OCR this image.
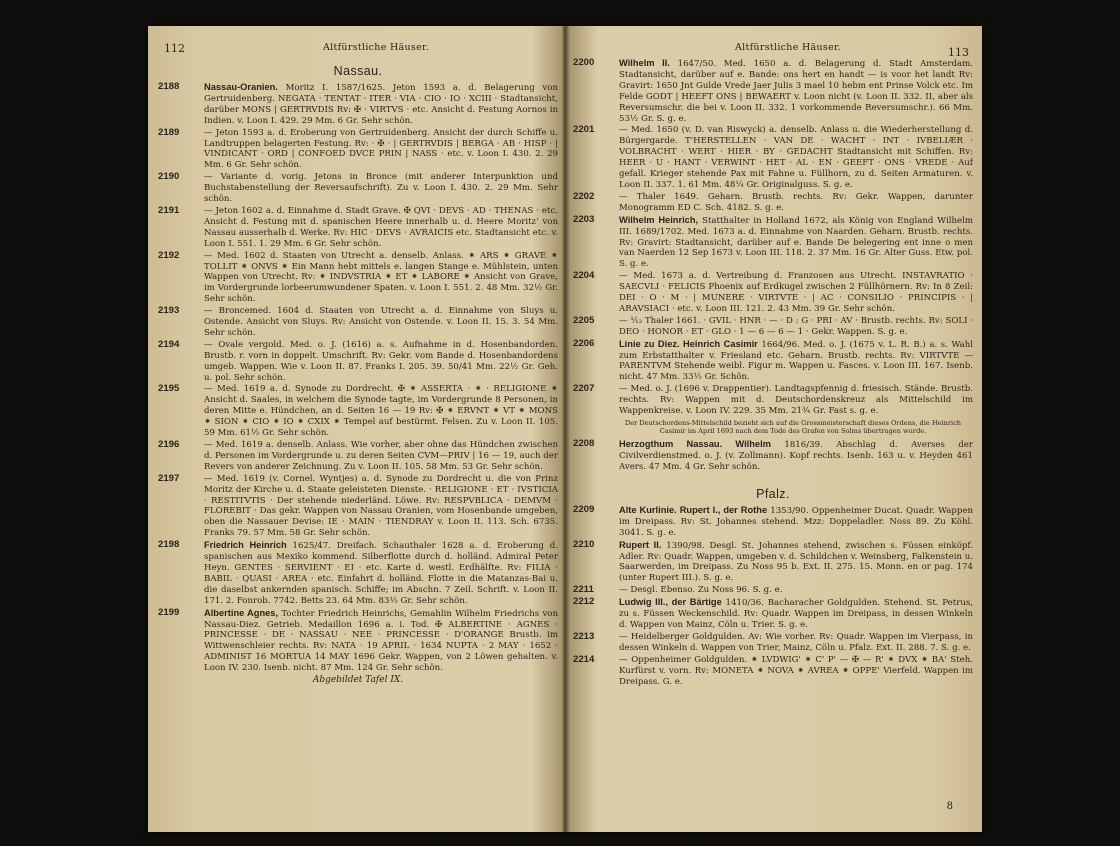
112	Altfürstliche Häuser.
Nassau.
2188	Nassau-Oranien. Moritz I. 1587/1625. Jeton 1593 a. d. Belagerung von Gertruidenberg. NEGATA · TENTAT · ITER · VIA · CIO · IO · XCIII · Stadtansicht, darüber MONS | GERTRVDIS Rv: ✠ · VIRTVS · etc. Ansicht d. Festung Aornos in Indien. v. Loon I. 429. 29 Mm. 6 Gr. Sehr schön.
2189	— Jeton 1593 a. d. Eroberung von Gertruidenberg. Ansicht der durch Schiffe u. Landtruppen belagerten Festung. Rv: · ✠ · | GERTRVDIS | BERGA · AB · HISP · | VINDICANT · ORD | CONFOED DVCE PRIN | NASS · etc. v. Loon I. 430. 2. 29 Mm. 6 Gr. Sehr schön.
2190	— Variante d. vorig. Jetons in Bronce (mit anderer Interpunktion und Buchstabenstellung der Reversaufschrift). Zu v. Loon I. 430. 2. 29 Mm. Sehr schön.
2191	— Jeton 1602 a. d. Einnahme d. Stadt Grave. ✠ QVI · DEVS · AD · THENAS · etc. Ansicht d. Festung mit d. spanischen Heere innerhalb u. d. Heere Moritz' von Nassau ausserhalb d. Werke. Rv: HIC · DEVS · AVRAICIS etc. Stadtansicht etc. v. Loon I. 551. 1. 29 Mm. 6 Gr. Sehr schön.
2192	— Med. 1602 d. Staaten von Utrecht a. denselb. Anlass. ⁕ ARS ⁕ GRAVE ⁕ TOLLIT ⁕ ONVS ⁕ Ein Mann hebt mittels e. langen Stange e. Mühlstein, unten Wappen von Utrecht. Rv: ⁕ INDVSTRIA ⁕ ET ⁕ LABORE ⁕ Ansicht von Grave, im Vordergrunde lorbeerumwundener Spaten. v. Loon I. 551. 2. 48 Mm. 32½ Gr. Sehr schön.
2193	— Broncemed. 1604 d. Staaten von Utrecht a. d. Einnahme von Sluys u. Ostende. Ansicht von Sluys. Rv: Ansicht von Ostende. v. Loon II. 15. 3. 54 Mm. Sehr schön.
2194	— Ovale vergold. Med. o. J. (1616) a. s. Aufnahme in d. Hosenbandorden. Brustb. r. vorn in doppelt. Umschrift. Rv: Gekr. vom Bande d. Hosenbandordens umgeb. Wappen. Wie v. Loon II. 87. Franks I. 205. 39. 50/41 Mm. 22½ Gr. Geh. u. pol. Sehr schön.
2195	— Med. 1619 a. d. Synode zu Dordrecht. ✠ ⁕ ASSERTA · ⁕ · RELIGIONE ⁕ Ansicht d. Saales, in welchem die Synode tagte, im Vordergrunde 8 Personen, in deren Mitte e. Hündchen, an d. Seiten 16 — 19 Rv: ✠ ⁕ ERVNT ⁕ VT ⁕ MONS ⁕ SION ⁕ CIO ⁕ IO ⁕ CXIX ⁕ Tempel auf bestürmt. Felsen. Zu v. Loon II. 105. 59 Mm. 61½ Gr. Sehr schön.
2196	— Med. 1619 a. denselb. Anlass. Wie vorher, aber ohne das Hündchen zwischen d. Personen im Vordergrunde u. zu deren Seiten CVM—PRIV | 16 — 19, auch der Revers von anderer Zeichnung. Zu v. Loon II. 105. 58 Mm. 53 Gr. Sehr schön.
2197	— Med. 1619 (v. Cornel. Wyntjes) a. d. Synode zu Dordrecht u. die von Prinz Moritz der Kirche u. d. Staate geleisteten Dienste. · RELIGIONE · ET · IVSTICIA · RESTITVTIS · Der stehende niederländ. Löwe. Rv: RESPVBLICA · DEMVM · FLOREBIT · Das gekr. Wappen von Nassau Oranien, vom Hosenbande umgeben, oben die Nassauer Devise: IE · MAIN · TIENDRAY v. Loon II. 113. Sch. 6735. Franks 79. 57 Mm. 58 Gr. Sehr schön.
2198	Friedrich Heinrich 1625/47. Dreifach. Schauthaler 1628 a. d. Eroberung d. spanischen aus Mexiko kommend. Silberflotte durch d. holländ. Admiral Peter Heyn. GENTES · SERVIENT · EI · etc. Karte d. westl. Erdhälfte. Rv: FILIA · BABIL · QUASI · AREA · etc. Einfahrt d. holländ. Flotte in die Matanzas-Bai u. die daselbst ankernden spanisch. Schiffe; im Abschn. 7 Zeil. Schrift. v. Loon II. 171. 2. Fonrob. 7742. Betts 23. 64 Mm. 83½ Gr. Sehr schön.
2199	Albertine Agnes, Tochter Friedrich Heinrichs, Gemahlin Wilhelm Friedrichs von Nassau-Diez. Getrieb. Medaillon 1696 a. i. Tod. ✠ ALBERTINE · AGNES · PRINCESSE · DE · NASSAU · NEE · PRINCESSE · D'ORANGE Brustb. im Wittwenschleier rechts. Rv: NATA · 19 APRIL · 1634 NUPTA · 2 MAY · 1652 · ADMINIST 16 MORTUA 14 MAY 1696 Gekr. Wappen, von 2 Löwen gehalten. v. Loon IV. 230. Isenb. nicht. 87 Mm. 124 Gr. Sehr schön.
Abgebildet Tafel IX.
Altfürstliche Häuser.	113
2200	Wilhelm II. 1647/50. Med. 1650 a. d. Belagerung d. Stadt Amsterdam. Stadtansicht, darüber auf e. Bande: ons hert en handt — is voor het landt Rv: Gravirt: 1650 Jnt Gulde Vrede Jaer Julis 3 mael 10 hebm ent Prinse Volck etc. Im Felde GODT | HEEFT ONS | BEWAERT v. Loon nicht (v. Loon II. 332. II, aber als Reversumschr. die bei v. Loon II. 332. 1 vorkommende Reversumschr.). 66 Mm. 53½ Gr. S. g. e.
2201	— Med. 1650 (v. D. van Riswyck) a. denselb. Anlass u. die Wiederherstellung d. Bürgergarde. T'HERSTELLEN · VAN DE · WACHT · INT · IVBELIÆR · VOLBRACHT · WERT · HIER · BY · GEDACHT Stadtansicht mit Schiffen. Rv: HEER · U · HANT · VERWINT · HET · AL · EN · GEEFT · ONS · VREDE · Auf gefall. Krieger stehende Pax mit Fahne u. Füllhorn, zu d. Seiten Armaturen. v. Loon II. 337. 1. 61 Mm. 48¼ Gr. Originalguss. S. g. e.
2202	— Thaler 1649. Geharn. Brustb. rechts. Rv: Gekr. Wappen, darunter Monogramm ED C. Sch. 4182. S. g. e.
2203	Wilhelm Heinrich, Statthalter in Holland 1672, als König von England Wilhelm III. 1689/1702. Med. 1673 a. d. Einnahme von Naarden. Geharn. Brustb. rechts. Rv: Gravirt: Stadtansicht, darüber auf e. Bande De belegering ent inne o men van Naerden 12 Sep 1673 v. Loon III. 118. 2. 37 Mm. 16 Gr. Alter Guss. Etw. pol. S. g. e.
2204	— Med. 1673 a. d. Vertreibung d. Franzosen aus Utrecht. INSTAVRATIO · SAECVLI · FELICIS Phoenix auf Erdkugel zwischen 2 Füllhörnern. Rv: In 8 Zeil: DEI · O · M · | MUNERE · VIRTVTE · | AC · CONSILIO · PRINCIPIS · | ARAVSIACI · etc. v. Loon III. 121. 2. 43 Mm. 39 Gr. Sehr schön.
2205	— ¹⁄₁₂ Thaler 1661. · GVIL · HNR · — · D : G · PRI · AV · Brustb. rechts. Rv: SOLI · DEO · HONOR · ET · GLO · 1 — 6 — 6 — 1 · Gekr. Wappen. S. g. e.
2206	Linie zu Diez. Heinrich Casimir 1664/96. Med. o. J. (1675 v. L. R. B.) a. s. Wahl zum Erbstatthalter v. Friesland etc. Geharn. Brustb. rechts. Rv: VIRTVTE — PARENTVM Stehende weibl. Figur m. Wappen u. Fasces. v. Loon III. 167. Isenb. nicht. 47 Mm. 33½ Gr. Schön.
2207	— Med. o. J. (1696 v. Drappentier). Landtagspfennig d. friesisch. Stände. Brustb. rechts. Rv: Wappen mit d. Deutschordenskreuz als Mittelschild im Wappenkreise. v. Loon IV. 229. 35 Mm. 21¾ Gr. Fast s. g. e.
Der Deutschordens-Mittelschild bezieht sich auf die Grossmeisterschaft dieses Ordens, die Heinrich Casimir im April 1693 nach dem Tode des Grafen von Solms übertragen wurde.
2208	Herzogthum Nassau. Wilhelm 1816/39. Abschlag d. Averses der Civilverdienstmed. o. J. (v. Zollmann). Kopf rechts. Isenb. 163 u. v. Heyden 461 Avers. 47 Mm. 4 Gr. Sehr schön.
Pfalz.
2209	Alte Kurlinie. Rupert I., der Rothe 1353/90. Oppenheimer Ducat. Quadr. Wappen im Dreipass. Rv: St. Johannes stehend. Mzz: Doppeladler. Noss 89. Zu Köhl. 3041. S. g. e.
2210	Rupert II. 1390/98. Desgl. St. Johannes stehend, zwischen s. Füssen einköpf. Adler. Rv: Quadr. Wappen, umgeben v. d. Schildchen v. Weinsberg, Falkenstein u. Saarwerden, im Dreipass. Zu Noss 95 b. Ext. II. 275. 15. Monn. en or pag. 174 (unter Rupert III.). S. g. e.
2211	— Desgl. Ebenso. Zu Noss 96. S. g. e.
2212	Ludwig III., der Bärtige 1410/36. Bacharacher Goldgulden. Stehend. St. Petrus, zu s. Füssen Weckenschild. Rv: Quadr. Wappen im Dreipass, in dessen Winkeln d. Wappen von Mainz, Cöln u. Trier. S. g. e.
2213	— Heidelberger Goldgulden. Av: Wie vorher. Rv: Quadr. Wappen im Vierpass, in dessen Winkeln d. Wappen von Trier, Mainz, Cöln u. Pfalz. Ext. II. 288. 7. S. g. e.
2214	— Oppenheimer Goldgulden. ⁕ LVDWIG' ⁕ C' P' — ✠ — R' ⁕ DVX ⁕ BA' Steh. Kurfürst v. vorn. Rv: MONETA ⁕ NOVA ⁕ AVREA ⁕ OPPE' Vierfeld. Wappen im Dreipass. G. e.
8
